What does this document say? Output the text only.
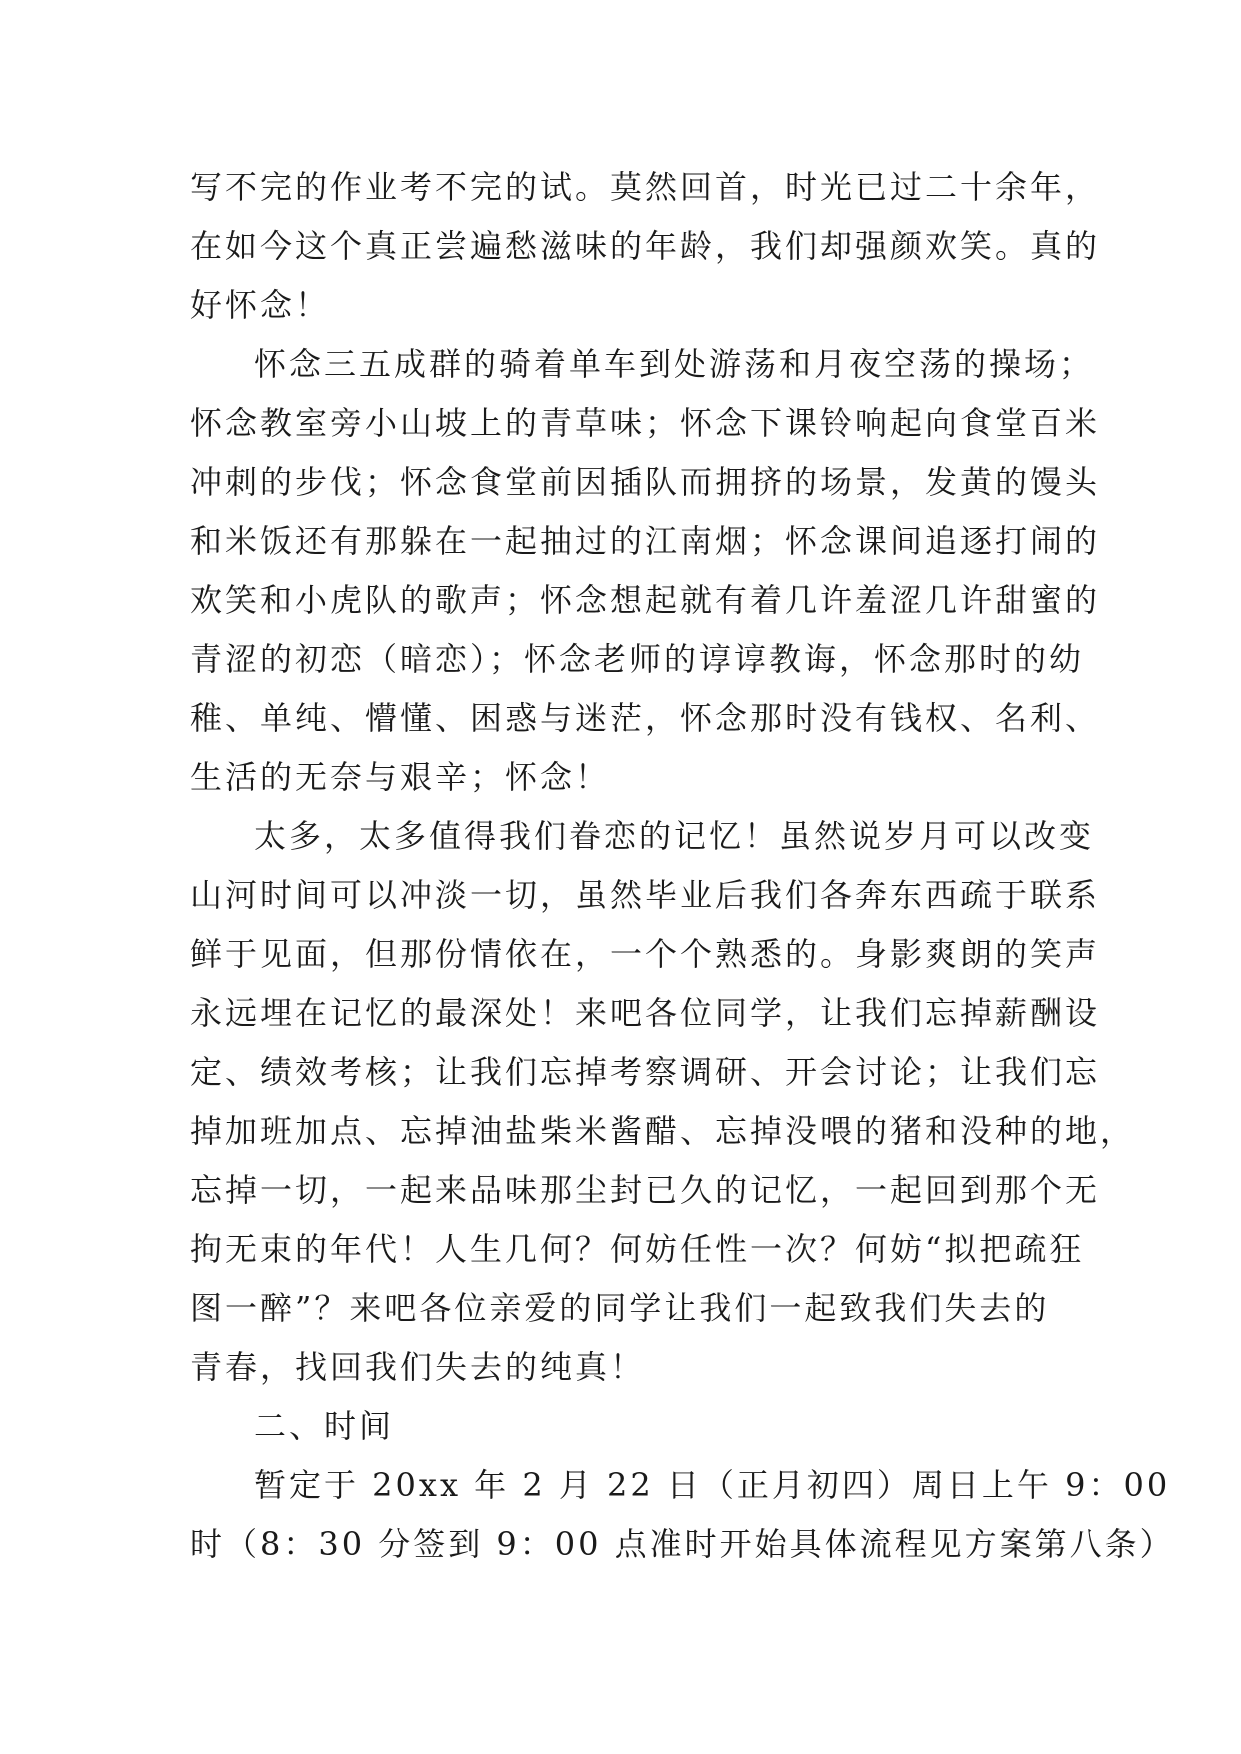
写不完的作业考不完的试。莫然回首，时光已过二十余年，
在如今这个真正尝遍愁滋味的年龄，我们却强颜欢笑。真的
好怀念！
怀念三五成群的骑着单车到处游荡和月夜空荡的操场；
怀念教室旁小山坡上的青草味；怀念下课铃响起向食堂百米
冲刺的步伐；怀念食堂前因插队而拥挤的场景，发黄的馒头
和米饭还有那躲在一起抽过的江南烟；怀念课间追逐打闹的
欢笑和小虎队的歌声；怀念想起就有着几许羞涩几许甜蜜的
青涩的初恋（暗恋）；怀念老师的谆谆教诲，怀念那时的幼
稚、单纯、懵懂、困惑与迷茫，怀念那时没有钱权、名利、
生活的无奈与艰辛；怀念！
太多，太多值得我们眷恋的记忆！虽然说岁月可以改变
山河时间可以冲淡一切，虽然毕业后我们各奔东西疏于联系
鲜于见面，但那份情依在，一个个熟悉的。身影爽朗的笑声
永远埋在记忆的最深处！来吧各位同学，让我们忘掉薪酬设
定、绩效考核；让我们忘掉考察调研、开会讨论；让我们忘
掉加班加点、忘掉油盐柴米酱醋、忘掉没喂的猪和没种的地，
忘掉一切，一起来品味那尘封已久的记忆，一起回到那个无
拘无束的年代！人生几何？何妨任性一次？何妨“拟把疏狂
图一醉”？来吧各位亲爱的同学让我们一起致我们失去的
青春，找回我们失去的纯真！
二、时间
暂定于 20xx 年 2 月 22 日（正月初四）周日上午 9：00
时（8：30 分签到 9：00 点准时开始具体流程见方案第八条）
